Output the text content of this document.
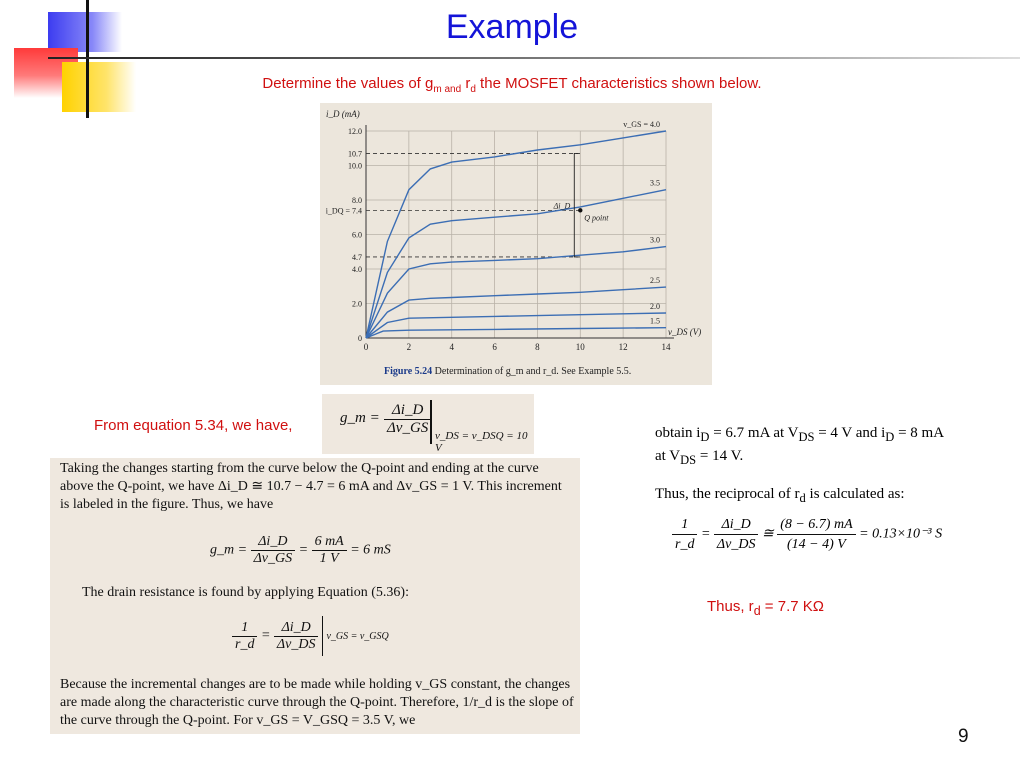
Example
Determine the values of $g_{m and}$ $r_d$ the MOSFET characteristics shown below.
0	2	4	6	8	10	12	14
12.0
10.7
10.0
8.0
i_DQ = 7.4
6.0
4.7
4.0
2.0
0
i_D (mA)
v_DS (V)
v_GS = 4.0
3.5
3.0
2.5
2.0
1.5
Δi_D
Q point
Figure 5.24 Determination of g_m and r_d. See Example 5.5.
From equation 5.34, we have,	g_m = $\frac{\Delta i\_D}{\Delta v\_GS}$ v_DS = v_DSQ = 10 V

Taking the changes starting from the curve below the Q-point and ending at the curve above the Q-point, we have Δi_D ≅ 10.7 − 4.7 = 6 mA and Δv_GS = 1 V. This increment is labeled in the figure. Thus, we have

g_m = $\frac{\Delta i\_D}{\Delta v\_GS} = \frac{6 mA}{1 V} = 6$ mS

The drain resistance is found by applying Equation (5.36):

$\frac{1}{r\_d} = \frac{\Delta i\_D}{\Delta v\_DS}$ v_GS = v_GSQ

Because the incremental changes are to be made while holding v_GS constant, the changes are made along the characteristic curve through the Q-point. Therefore, 1/r_d is the slope of the curve through the Q-point. For v_GS = V_GSQ = 3.5 V, we

obtain $i_D = 6.7$ mA at $V_{DS} = 4$ V and $i_D = 8$ mA
at $V_{DS} = 14$ V.
Thus, the reciprocal of $r_d$ is calculated as:
$\frac{1}{r\_d} = \frac{\Delta i\_D}{\Delta v\_DS}$ ≅ $\frac{(8 - 6.7) mA}{(14 - 4) V} = 0.13\times 10^{-3}$ S
Thus, $r_d = 7.7$ KΩ
9
